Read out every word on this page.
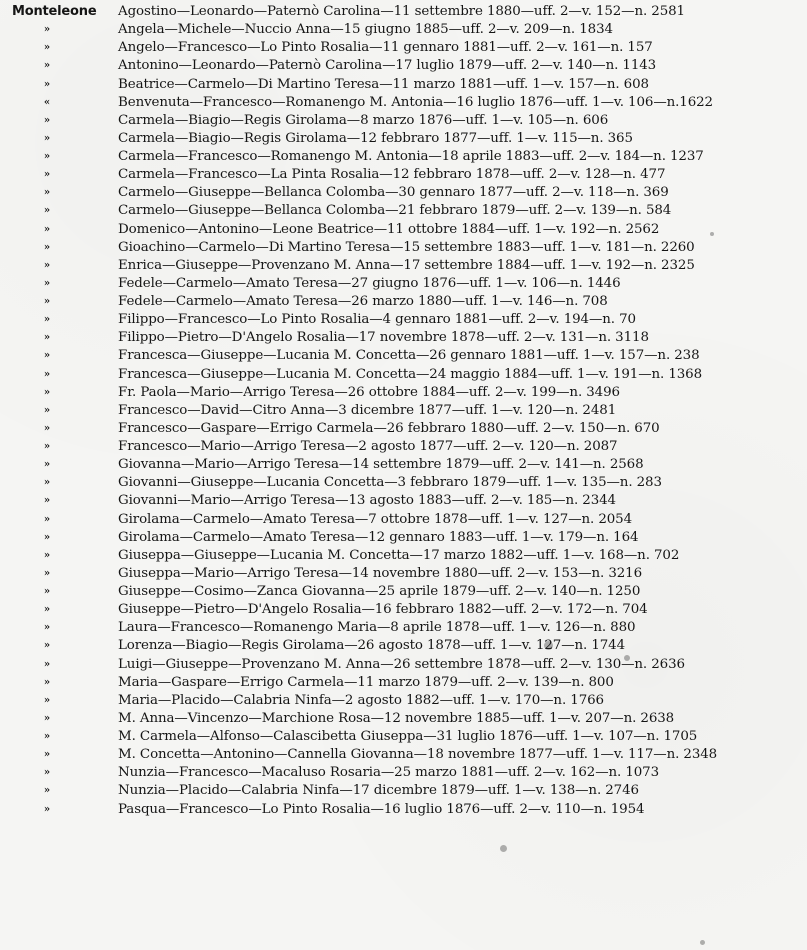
Monteleone Agostino—Leonardo—Paternò Carolina—11 settembre 1880—uff. 2—v. 152—n. 2581
»	Angela—Michele—Nuccio Anna—15 giugno 1885—uff. 2—v. 209—n. 1834
»	Angelo—Francesco—Lo Pinto Rosalia—11 gennaro 1881—uff. 2—v. 161—n. 157
»	Antonino—Leonardo—Paternò Carolina—17 luglio 1879—uff. 2—v. 140—n. 1143
»	Beatrice—Carmelo—Di Martino Teresa—11 marzo 1881—uff. 1—v. 157—n. 608
«	Benvenuta—Francesco—Romanengo M. Antonia—16 luglio 1876—uff. 1—v. 106—n.1622
»	Carmela—Biagio—Regis Girolama—8 marzo 1876—uff. 1—v. 105—n. 606
»	Carmela—Biagio—Regis Girolama—12 febbraro 1877—uff. 1—v. 115—n. 365
»	Carmela—Francesco—Romanengo M. Antonia—18 aprile 1883—uff. 2—v. 184—n. 1237
»	Carmela—Francesco—La Pinta Rosalia—12 febbraro 1878—uff. 2—v. 128—n. 477
»	Carmelo—Giuseppe—Bellanca Colomba—30 gennaro 1877—uff. 2—v. 118—n. 369
»	Carmelo—Giuseppe—Bellanca Colomba—21 febbraro 1879—uff. 2—v. 139—n. 584
»	Domenico—Antonino—Leone Beatrice—11 ottobre 1884—uff. 1—v. 192—n. 2562
»	Gioachino—Carmelo—Di Martino Teresa—15 settembre 1883—uff. 1—v. 181—n. 2260
»	Enrica—Giuseppe—Provenzano M. Anna—17 settembre 1884—uff. 1—v. 192—n. 2325
»	Fedele—Carmelo—Amato Teresa—27 giugno 1876—uff. 1—v. 106—n. 1446
»	Fedele—Carmelo—Amato Teresa—26 marzo 1880—uff. 1—v. 146—n. 708
»	Filippo—Francesco—Lo Pinto Rosalia—4 gennaro 1881—uff. 2—v. 194—n. 70
»	Filippo—Pietro—D'Angelo Rosalia—17 novembre 1878—uff. 2—v. 131—n. 3118
»	Francesca—Giuseppe—Lucania M. Concetta—26 gennaro 1881—uff. 1—v. 157—n. 238
»	Francesca—Giuseppe—Lucania M. Concetta—24 maggio 1884—uff. 1—v. 191—n. 1368
»	Fr. Paola—Mario—Arrigo Teresa—26 ottobre 1884—uff. 2—v. 199—n. 3496
»	Francesco—David—Citro Anna—3 dicembre 1877—uff. 1—v. 120—n. 2481
»	Francesco—Gaspare—Errigo Carmela—26 febbraro 1880—uff. 2—v. 150—n. 670
»	Francesco—Mario—Arrigo Teresa—2 agosto 1877—uff. 2—v. 120—n. 2087
»	Giovanna—Mario—Arrigo Teresa—14 settembre 1879—uff. 2—v. 141—n. 2568
»	Giovanni—Giuseppe—Lucania Concetta—3 febbraro 1879—uff. 1—v. 135—n. 283
»	Giovanni—Mario—Arrigo Teresa—13 agosto 1883—uff. 2—v. 185—n. 2344
»	Girolama—Carmelo—Amato Teresa—7 ottobre 1878—uff. 1—v. 127—n. 2054
»	Girolama—Carmelo—Amato Teresa—12 gennaro 1883—uff. 1—v. 179—n. 164
»	Giuseppa—Giuseppe—Lucania M. Concetta—17 marzo 1882—uff. 1—v. 168—n. 702
»	Giuseppa—Mario—Arrigo Teresa—14 novembre 1880—uff. 2—v. 153—n. 3216
»	Giuseppe—Cosimo—Zanca Giovanna—25 aprile 1879—uff. 2—v. 140—n. 1250
»	Giuseppe—Pietro—D'Angelo Rosalia—16 febbraro 1882—uff. 2—v. 172—n. 704
»	Laura—Francesco—Romanengo Maria—8 aprile 1878—uff. 1—v. 126—n. 880
»	Lorenza—Biagio—Regis Girolama—26 agosto 1878—uff. 1—v. 127—n. 1744
»	Luigi—Giuseppe—Provenzano M. Anna—26 settembre 1878—uff. 2—v. 130—n. 2636
»	Maria—Gaspare—Errigo Carmela—11 marzo 1879—uff. 2—v. 139—n. 800
»	Maria—Placido—Calabria Ninfa—2 agosto 1882—uff. 1—v. 170—n. 1766
»	M. Anna—Vincenzo—Marchione Rosa—12 novembre 1885—uff. 1—v. 207—n. 2638
»	M. Carmela—Alfonso—Calascibetta Giuseppa—31 luglio 1876—uff. 1—v. 107—n. 1705
»	M. Concetta—Antonino—Cannella Giovanna—18 novembre 1877—uff. 1—v. 117—n. 2348
»	Nunzia—Francesco—Macaluso Rosaria—25 marzo 1881—uff. 2—v. 162—n. 1073
»	Nunzia—Placido—Calabria Ninfa—17 dicembre 1879—uff. 1—v. 138—n. 2746
»	Pasqua—Francesco—Lo Pinto Rosalia—16 luglio 1876—uff. 2—v. 110—n. 1954
